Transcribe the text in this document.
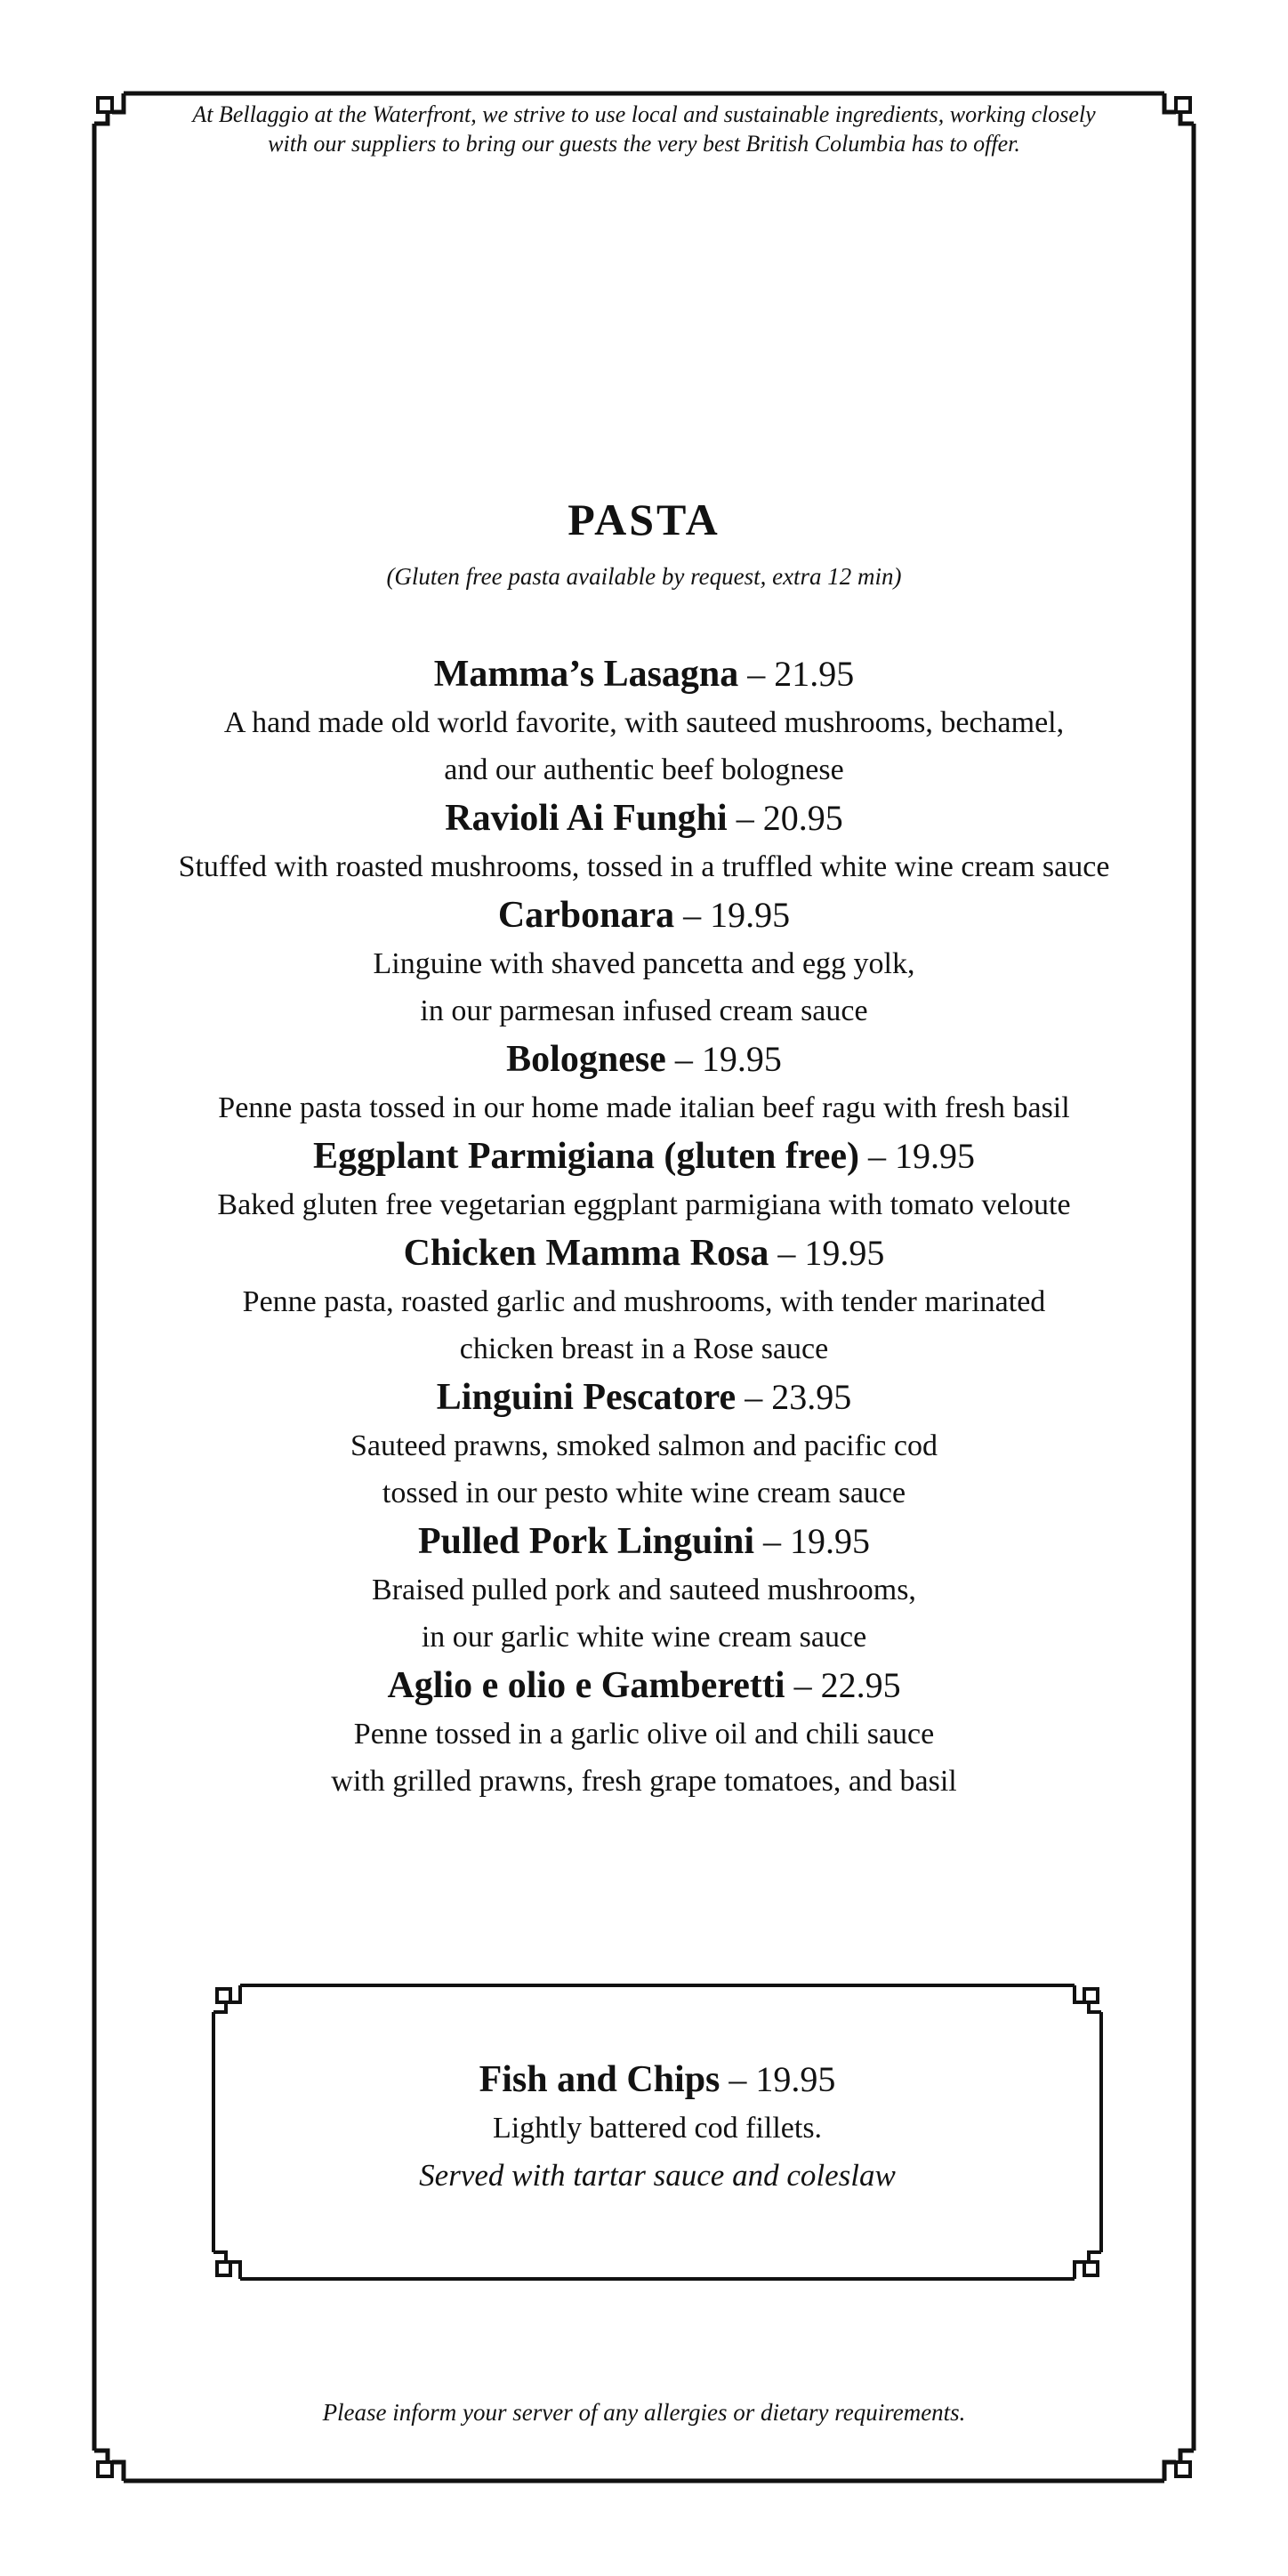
At Bellaggio at the Waterfront, we strive to use local and sustainable ingredients, working closely
with our suppliers to bring our guests the very best British Columbia has to offer.
PASTA
(Gluten free pasta available by request, extra 12 min)
Mamma’s Lasagna – 21.95
A hand made old world favorite, with sauteed mushrooms, bechamel,
and our authentic beef bolognese
Ravioli Ai Funghi – 20.95
Stuffed with roasted mushrooms, tossed in a truffled white wine cream sauce
Carbonara – 19.95
Linguine with shaved pancetta and egg yolk,
in our parmesan infused cream sauce
Bolognese – 19.95
Penne pasta tossed in our home made italian beef ragu with fresh basil
Eggplant Parmigiana (gluten free) – 19.95
Baked gluten free vegetarian eggplant parmigiana with tomato veloute
Chicken Mamma Rosa – 19.95
Penne pasta, roasted garlic and mushrooms, with tender marinated
chicken breast in a Rose sauce
Linguini Pescatore – 23.95
Sauteed prawns, smoked salmon and pacific cod
tossed in our pesto white wine cream sauce
Pulled Pork Linguini – 19.95
Braised pulled pork and sauteed mushrooms,
in our garlic white wine cream sauce
Aglio e olio e Gamberetti – 22.95
Penne tossed in a garlic olive oil and chili sauce
with grilled prawns, fresh grape tomatoes, and basil
Fish and Chips – 19.95
Lightly battered cod fillets.
Served with tartar sauce and coleslaw
Please inform your server of any allergies or dietary requirements.
